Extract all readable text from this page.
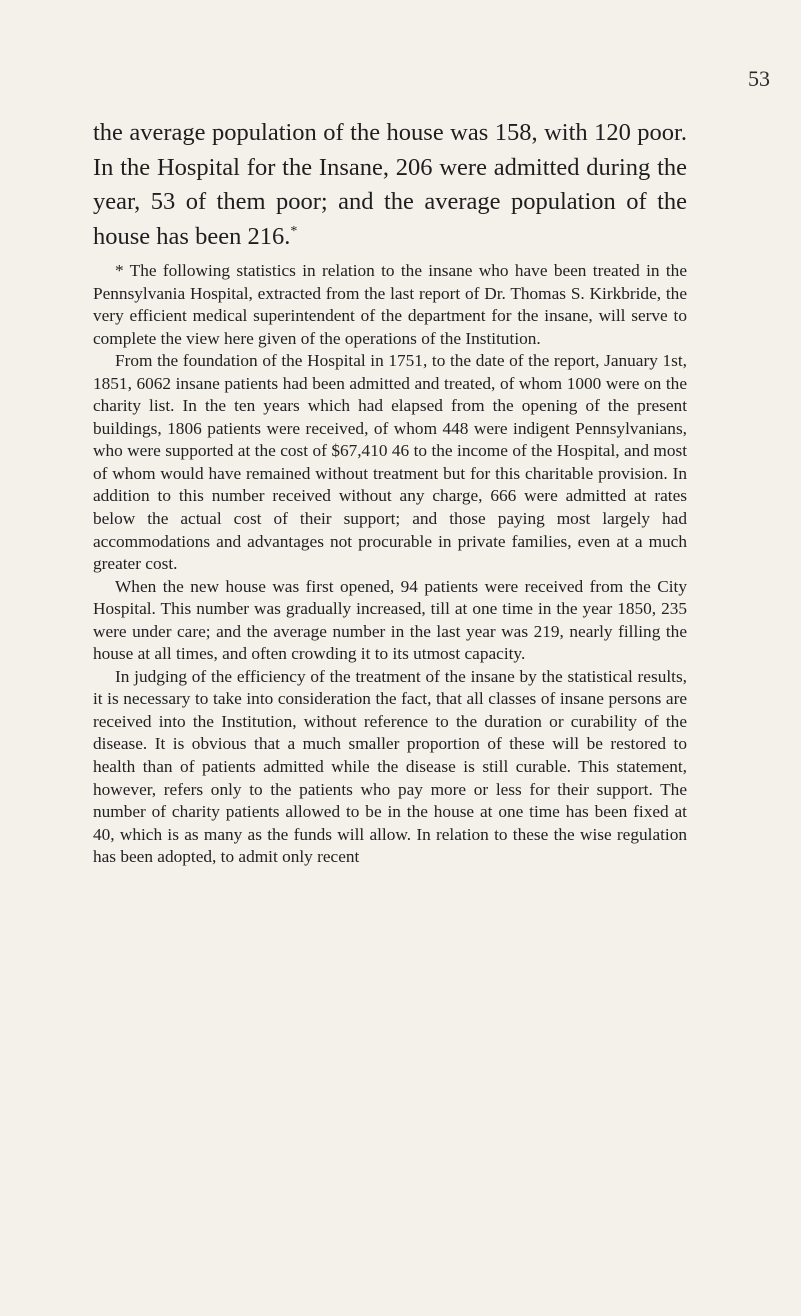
53

the average population of the house was 158, with 120 poor. In the Hospital for the Insane, 206 were admitted during the year, 53 of them poor; and the average population of the house has been 216.*

* The following statistics in relation to the insane who have been treated in the Pennsylvania Hospital, extracted from the last report of Dr. Thomas S. Kirkbride, the very efficient medical superintendent of the department for the insane, will serve to complete the view here given of the operations of the Institution.

From the foundation of the Hospital in 1751, to the date of the report, January 1st, 1851, 6062 insane patients had been admitted and treated, of whom 1000 were on the charity list. In the ten years which had elapsed from the opening of the present buildings, 1806 patients were received, of whom 448 were indigent Pennsylvanians, who were supported at the cost of $67,410 46 to the income of the Hospital, and most of whom would have remained without treatment but for this charitable provision. In addition to this number received without any charge, 666 were admitted at rates below the actual cost of their support; and those paying most largely had accommodations and advantages not procurable in private families, even at a much greater cost.

When the new house was first opened, 94 patients were received from the City Hospital. This number was gradually increased, till at one time in the year 1850, 235 were under care; and the average number in the last year was 219, nearly filling the house at all times, and often crowding it to its utmost capacity.

In judging of the efficiency of the treatment of the insane by the statistical results, it is necessary to take into consideration the fact, that all classes of insane persons are received into the Institution, without reference to the duration or curability of the disease. It is obvious that a much smaller proportion of these will be restored to health than of patients admitted while the disease is still curable. This statement, however, refers only to the patients who pay more or less for their support. The number of charity patients allowed to be in the house at one time has been fixed at 40, which is as many as the funds will allow. In relation to these the wise regulation has been adopted, to admit only recent
